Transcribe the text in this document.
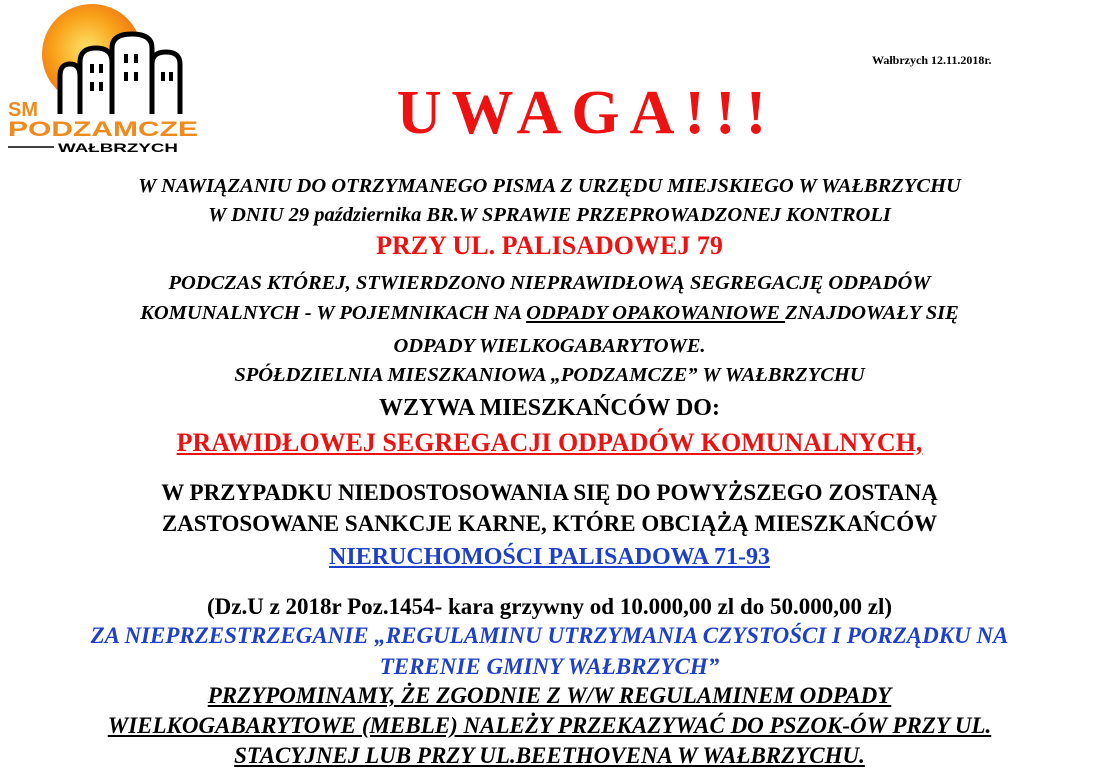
SM
PODZAMCZE
WAŁBRZYCH
Wałbrzych 12.11.2018r.
UWAGA!!!
W NAWIĄZANIU DO OTRZYMANEGO PISMA Z URZĘDU MIEJSKIEGO W WAŁBRZYCHU
W DNIU 29 października BR.W SPRAWIE PRZEPROWADZONEJ KONTROLI
PRZY UL. PALISADOWEJ 79
PODCZAS KTÓREJ, STWIERDZONO NIEPRAWIDŁOWĄ SEGREGACJĘ ODPADÓW
KOMUNALNYCH - W POJEMNIKACH NA ODPADY OPAKOWANIOWE ZNAJDOWAŁY SIĘ
ODPADY WIELKOGABARYTOWE.
SPÓŁDZIELNIA MIESZKANIOWA „PODZAMCZE” W WAŁBRZYCHU
WZYWA MIESZKAŃCÓW DO:
PRAWIDŁOWEJ SEGREGACJI ODPADÓW KOMUNALNYCH,
W PRZYPADKU NIEDOSTOSOWANIA SIĘ DO POWYŻSZEGO ZOSTANĄ
ZASTOSOWANE SANKCJE KARNE, KTÓRE OBCIĄŻĄ MIESZKAŃCÓW
NIERUCHOMOŚCI PALISADOWA 71-93
(Dz.U z 2018r Poz.1454- kara grzywny od 10.000,00 zl do 50.000,00 zl)
ZA NIEPRZESTRZEGANIE „REGULAMINU UTRZYMANIA CZYSTOŚCI I PORZĄDKU NA
TERENIE GMINY WAŁBRZYCH”
PRZYPOMINAMY, ŻE ZGODNIE Z W/W REGULAMINEM ODPADY
WIELKOGABARYTOWE (MEBLE) NALEŻY PRZEKAZYWAĆ DO PSZOK-ÓW PRZY UL.
STACYJNEJ LUB PRZY UL.BEETHOVENA W WAŁBRZYCHU.
